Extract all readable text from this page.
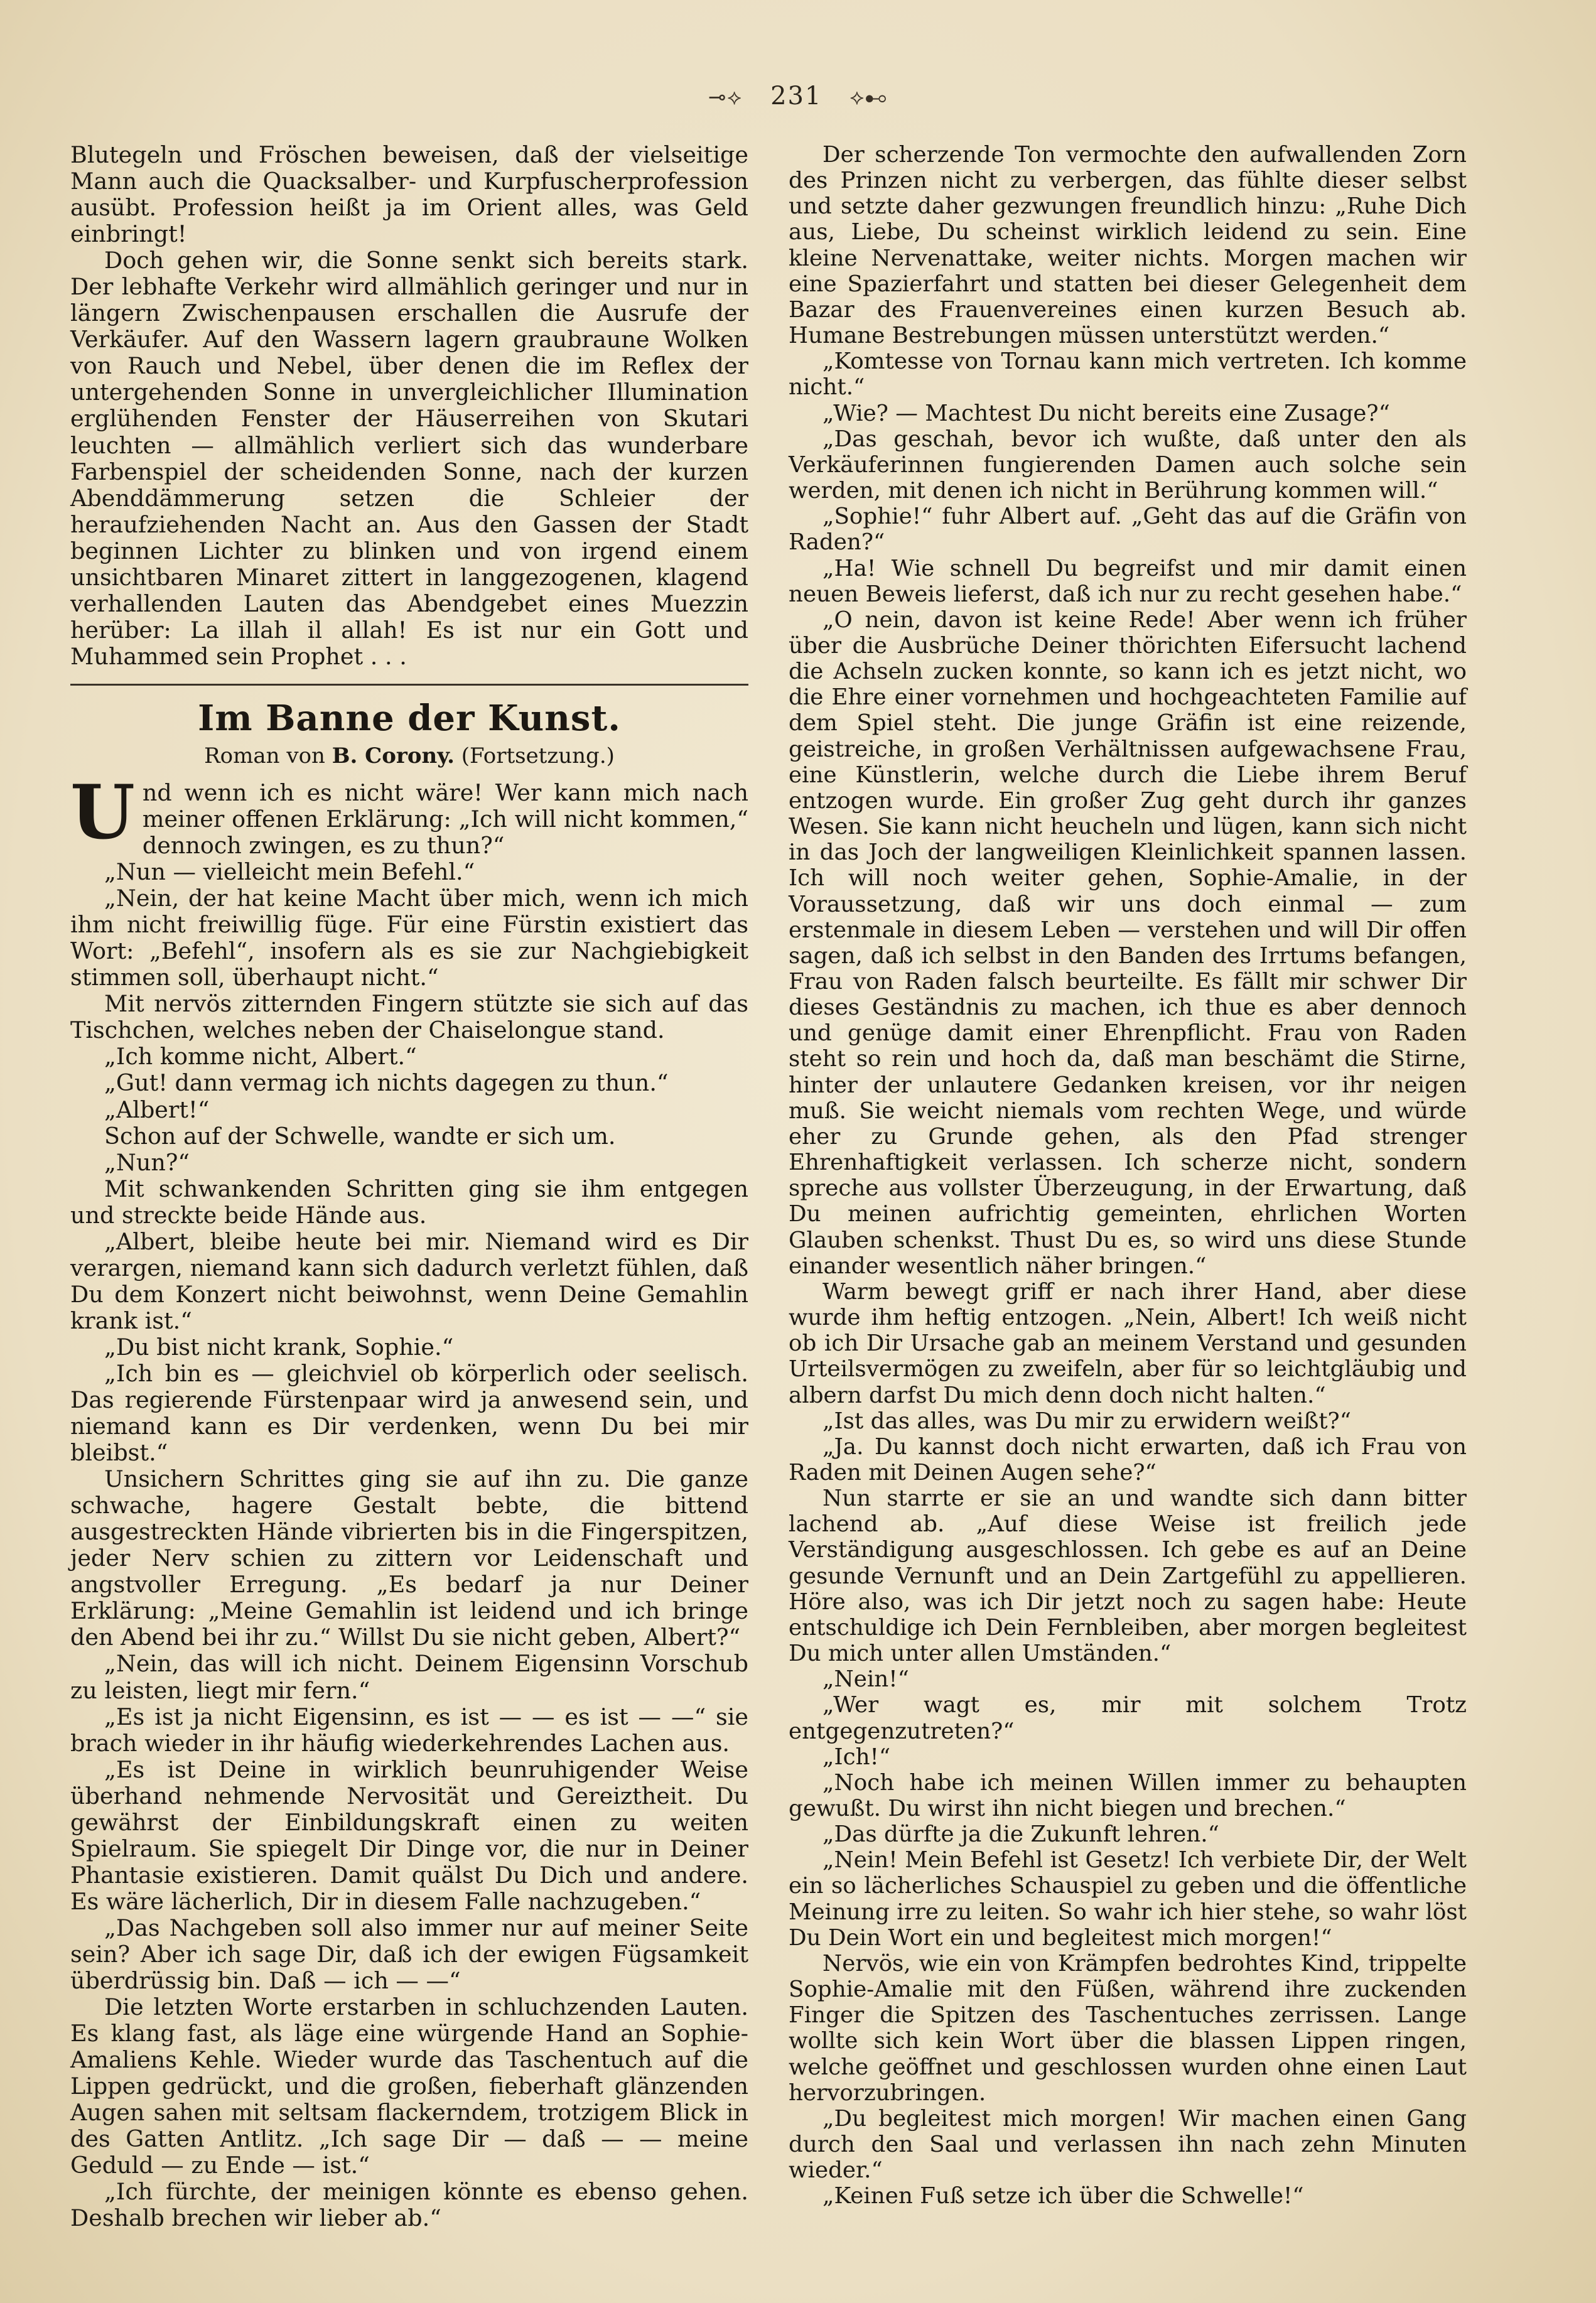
⊸⟡ 231 ⟡⊷

Blutegeln und Fröschen beweisen, daß der vielseitige Mann auch die Quacksalber- und Kurpfuscherprofession ausübt. Profession heißt ja im Orient alles, was Geld einbringt!

Doch gehen wir, die Sonne senkt sich bereits stark. Der lebhafte Verkehr wird allmählich geringer und nur in längern Zwischenpausen erschallen die Ausrufe der Verkäufer. Auf den Wassern lagern graubraune Wolken von Rauch und Nebel, über denen die im Reflex der untergehenden Sonne in unvergleichlicher Illumination erglühenden Fenster der Häuserreihen von Skutari leuchten — allmählich verliert sich das wunderbare Farbenspiel der scheidenden Sonne, nach der kurzen Abenddämmerung setzen die Schleier der heraufziehenden Nacht an. Aus den Gassen der Stadt beginnen Lichter zu blinken und von irgend einem unsichtbaren Minaret zittert in langgezogenen, klagend verhallenden Lauten das Abendgebet eines Muezzin herüber: La illah il allah! Es ist nur ein Gott und Muhammed sein Prophet . . .

Im Banne der Kunst.
Roman von B. Corony. (Fortsetzung.)

Und wenn ich es nicht wäre! Wer kann mich nach meiner offenen Erklärung: „Ich will nicht kommen,“ dennoch zwingen, es zu thun?“

„Nun — vielleicht mein Befehl.“

„Nein, der hat keine Macht über mich, wenn ich mich ihm nicht freiwillig füge. Für eine Fürstin existiert das Wort: „Befehl“, insofern als es sie zur Nachgiebigkeit stimmen soll, überhaupt nicht.“

Mit nervös zitternden Fingern stützte sie sich auf das Tischchen, welches neben der Chaiselongue stand.

„Ich komme nicht, Albert.“

„Gut! dann vermag ich nichts dagegen zu thun.“

„Albert!“

Schon auf der Schwelle, wandte er sich um.

„Nun?“

Mit schwankenden Schritten ging sie ihm entgegen und streckte beide Hände aus.

„Albert, bleibe heute bei mir. Niemand wird es Dir verargen, niemand kann sich dadurch verletzt fühlen, daß Du dem Konzert nicht beiwohnst, wenn Deine Gemahlin krank ist.“

„Du bist nicht krank, Sophie.“

„Ich bin es — gleichviel ob körperlich oder seelisch. Das regierende Fürstenpaar wird ja anwesend sein, und niemand kann es Dir verdenken, wenn Du bei mir bleibst.“

Unsichern Schrittes ging sie auf ihn zu. Die ganze schwache, hagere Gestalt bebte, die bittend ausgestreckten Hände vibrierten bis in die Fingerspitzen, jeder Nerv schien zu zittern vor Leidenschaft und angstvoller Erregung. „Es bedarf ja nur Deiner Erklärung: „Meine Gemahlin ist leidend und ich bringe den Abend bei ihr zu.“ Willst Du sie nicht geben, Albert?“

„Nein, das will ich nicht. Deinem Eigensinn Vorschub zu leisten, liegt mir fern.“

„Es ist ja nicht Eigensinn, es ist — — es ist — —“ sie brach wieder in ihr häufig wiederkehrendes Lachen aus.

„Es ist Deine in wirklich beunruhigender Weise überhand nehmende Nervosität und Gereiztheit. Du gewährst der Einbildungskraft einen zu weiten Spielraum. Sie spiegelt Dir Dinge vor, die nur in Deiner Phantasie existieren. Damit quälst Du Dich und andere. Es wäre lächerlich, Dir in diesem Falle nachzugeben.“

„Das Nachgeben soll also immer nur auf meiner Seite sein? Aber ich sage Dir, daß ich der ewigen Fügsamkeit überdrüssig bin. Daß — ich — —“

Die letzten Worte erstarben in schluchzenden Lauten. Es klang fast, als läge eine würgende Hand an Sophie-Amaliens Kehle. Wieder wurde das Taschentuch auf die Lippen gedrückt, und die großen, fieberhaft glänzenden Augen sahen mit seltsam flackerndem, trotzigem Blick in des Gatten Antlitz. „Ich sage Dir — daß — — meine Geduld — zu Ende — ist.“

„Ich fürchte, der meinigen könnte es ebenso gehen. Deshalb brechen wir lieber ab.“

Der scherzende Ton vermochte den aufwallenden Zorn des Prinzen nicht zu verbergen, das fühlte dieser selbst und setzte daher gezwungen freundlich hinzu: „Ruhe Dich aus, Liebe, Du scheinst wirklich leidend zu sein. Eine kleine Nervenattake, weiter nichts. Morgen machen wir eine Spazierfahrt und statten bei dieser Gelegenheit dem Bazar des Frauenvereines einen kurzen Besuch ab. Humane Bestrebungen müssen unterstützt werden.“

„Komtesse von Tornau kann mich vertreten. Ich komme nicht.“

„Wie? — Machtest Du nicht bereits eine Zusage?“

„Das geschah, bevor ich wußte, daß unter den als Verkäuferinnen fungierenden Damen auch solche sein werden, mit denen ich nicht in Berührung kommen will.“

„Sophie!“ fuhr Albert auf. „Geht das auf die Gräfin von Raden?“

„Ha! Wie schnell Du begreifst und mir damit einen neuen Beweis lieferst, daß ich nur zu recht gesehen habe.“

„O nein, davon ist keine Rede! Aber wenn ich früher über die Ausbrüche Deiner thörichten Eifersucht lachend die Achseln zucken konnte, so kann ich es jetzt nicht, wo die Ehre einer vornehmen und hochgeachteten Familie auf dem Spiel steht. Die junge Gräfin ist eine reizende, geistreiche, in großen Verhältnissen aufgewachsene Frau, eine Künstlerin, welche durch die Liebe ihrem Beruf entzogen wurde. Ein großer Zug geht durch ihr ganzes Wesen. Sie kann nicht heucheln und lügen, kann sich nicht in das Joch der langweiligen Kleinlichkeit spannen lassen. Ich will noch weiter gehen, Sophie-Amalie, in der Voraussetzung, daß wir uns doch einmal — zum erstenmale in diesem Leben — verstehen und will Dir offen sagen, daß ich selbst in den Banden des Irrtums befangen, Frau von Raden falsch beurteilte. Es fällt mir schwer Dir dieses Geständnis zu machen, ich thue es aber dennoch und genüge damit einer Ehrenpflicht. Frau von Raden steht so rein und hoch da, daß man beschämt die Stirne, hinter der unlautere Gedanken kreisen, vor ihr neigen muß. Sie weicht niemals vom rechten Wege, und würde eher zu Grunde gehen, als den Pfad strenger Ehrenhaftigkeit verlassen. Ich scherze nicht, sondern spreche aus vollster Überzeugung, in der Erwartung, daß Du meinen aufrichtig gemeinten, ehrlichen Worten Glauben schenkst. Thust Du es, so wird uns diese Stunde einander wesentlich näher bringen.“

Warm bewegt griff er nach ihrer Hand, aber diese wurde ihm heftig entzogen. „Nein, Albert! Ich weiß nicht ob ich Dir Ursache gab an meinem Verstand und gesunden Urteilsvermögen zu zweifeln, aber für so leichtgläubig und albern darfst Du mich denn doch nicht halten.“

„Ist das alles, was Du mir zu erwidern weißt?“

„Ja. Du kannst doch nicht erwarten, daß ich Frau von Raden mit Deinen Augen sehe?“

Nun starrte er sie an und wandte sich dann bitter lachend ab. „Auf diese Weise ist freilich jede Verständigung ausgeschlossen. Ich gebe es auf an Deine gesunde Vernunft und an Dein Zartgefühl zu appellieren. Höre also, was ich Dir jetzt noch zu sagen habe: Heute entschuldige ich Dein Fernbleiben, aber morgen begleitest Du mich unter allen Umständen.“

„Nein!“

„Wer wagt es, mir mit solchem Trotz entgegenzutreten?“

„Ich!“

„Noch habe ich meinen Willen immer zu behaupten gewußt. Du wirst ihn nicht biegen und brechen.“

„Das dürfte ja die Zukunft lehren.“

„Nein! Mein Befehl ist Gesetz! Ich verbiete Dir, der Welt ein so lächerliches Schauspiel zu geben und die öffentliche Meinung irre zu leiten. So wahr ich hier stehe, so wahr löst Du Dein Wort ein und begleitest mich morgen!“

Nervös, wie ein von Krämpfen bedrohtes Kind, trippelte Sophie-Amalie mit den Füßen, während ihre zuckenden Finger die Spitzen des Taschentuches zerrissen. Lange wollte sich kein Wort über die blassen Lippen ringen, welche geöffnet und geschlossen wurden ohne einen Laut hervorzubringen.

„Du begleitest mich morgen! Wir machen einen Gang durch den Saal und verlassen ihn nach zehn Minuten wieder.“

„Keinen Fuß setze ich über die Schwelle!“
